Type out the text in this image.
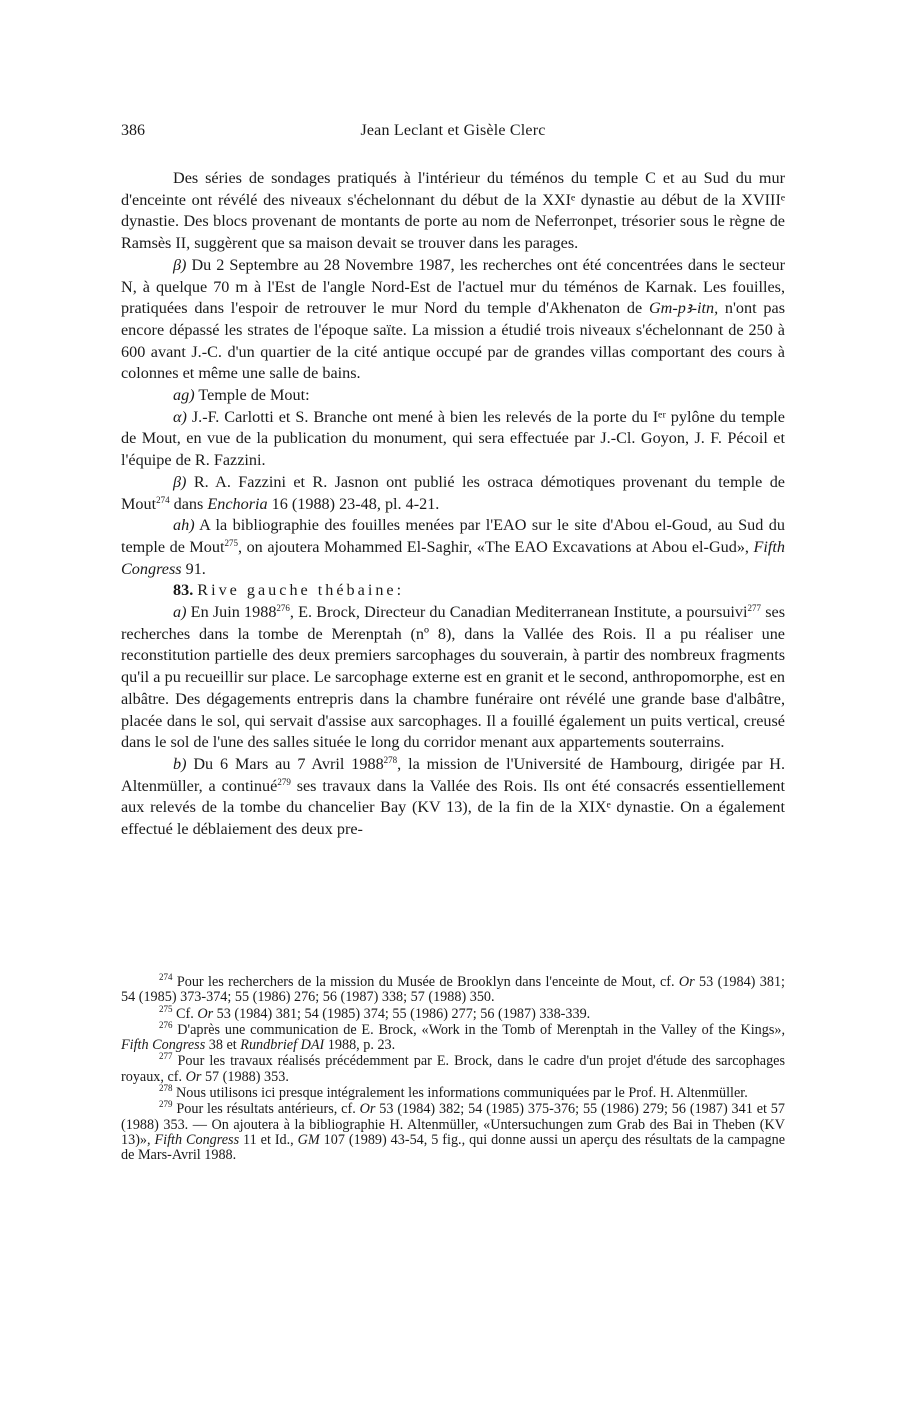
386	Jean Leclant et Gisèle Clerc

Des séries de sondages pratiqués à l'intérieur du téménos du temple C et au Sud du mur d'enceinte ont révélé des niveaux s'échelonnant du début de la XXIᵉ dynastie au début de la XVIIIᵉ dynastie. Des blocs provenant de montants de porte au nom de Neferronpet, trésorier sous le règne de Ramsès II, suggèrent que sa maison devait se trouver dans les parages.

β) Du 2 Septembre au 28 Novembre 1987, les recherches ont été concentrées dans le secteur N, à quelque 70 m à l'Est de l'angle Nord-Est de l'actuel mur du téménos de Karnak. Les fouilles, pratiquées dans l'espoir de retrouver le mur Nord du temple d'Akhenaton de Gm-pꜣ-itn, n'ont pas encore dépassé les strates de l'époque saïte. La mission a étudié trois niveaux s'échelonnant de 250 à 600 avant J.-C. d'un quartier de la cité antique occupé par de grandes villas comportant des cours à colonnes et même une salle de bains.

ag) Temple de Mout:

α) J.-F. Carlotti et S. Branche ont mené à bien les relevés de la porte du Iᵉʳ pylône du temple de Mout, en vue de la publication du monument, qui sera effectuée par J.-Cl. Goyon, J. F. Pécoil et l'équipe de R. Fazzini.

β) R. A. Fazzini et R. Jasnon ont publié les ostraca démotiques provenant du temple de Mout$^{274}$ dans Enchoria 16 (1988) 23-48, pl. 4-21.

ah) A la bibliographie des fouilles menées par l'EAO sur le site d'Abou el-Goud, au Sud du temple de Mout$^{275}$, on ajoutera Mohammed El-Saghir, «The EAO Excavations at Abou el-Gud», Fifth Congress 91.

83. Rive gauche thébaine:

a) En Juin 1988$^{276}$, E. Brock, Directeur du Canadian Mediterranean Institute, a poursuivi$^{277}$ ses recherches dans la tombe de Merenptah (nº 8), dans la Vallée des Rois. Il a pu réaliser une reconstitution partielle des deux premiers sarcophages du souverain, à partir des nombreux fragments qu'il a pu recueillir sur place. Le sarcophage externe est en granit et le second, anthropomorphe, est en albâtre. Des dégagements entrepris dans la chambre funéraire ont révélé une grande base d'albâtre, placée dans le sol, qui servait d'assise aux sarcophages. Il a fouillé également un puits vertical, creusé dans le sol de l'une des salles située le long du corridor menant aux appartements souterrains.

b) Du 6 Mars au 7 Avril 1988$^{278}$, la mission de l'Université de Hambourg, dirigée par H. Altenmüller, a continué$^{279}$ ses travaux dans la Vallée des Rois. Ils ont été consacrés essentiellement aux relevés de la tombe du chancelier Bay (KV 13), de la fin de la XIXᵉ dynastie. On a également effectué le déblaiement des deux pre-

$^{274}$ Pour les recherchers de la mission du Musée de Brooklyn dans l'enceinte de Mout, cf. Or 53 (1984) 381; 54 (1985) 373-374; 55 (1986) 276; 56 (1987) 338; 57 (1988) 350.

$^{275}$ Cf. Or 53 (1984) 381; 54 (1985) 374; 55 (1986) 277; 56 (1987) 338-339.

$^{276}$ D'après une communication de E. Brock, «Work in the Tomb of Merenptah in the Valley of the Kings», Fifth Congress 38 et Rundbrief DAI 1988, p. 23.

$^{277}$ Pour les travaux réalisés précédemment par E. Brock, dans le cadre d'un projet d'étude des sarcophages royaux, cf. Or 57 (1988) 353.

$^{278}$ Nous utilisons ici presque intégralement les informations communiquées par le Prof. H. Altenmüller.

$^{279}$ Pour les résultats antérieurs, cf. Or 53 (1984) 382; 54 (1985) 375-376; 55 (1986) 279; 56 (1987) 341 et 57 (1988) 353. — On ajoutera à la bibliographie H. Altenmüller, «Untersuchungen zum Grab des Bai in Theben (KV 13)», Fifth Congress 11 et Id., GM 107 (1989) 43-54, 5 fig., qui donne aussi un aperçu des résultats de la campagne de Mars-Avril 1988.
